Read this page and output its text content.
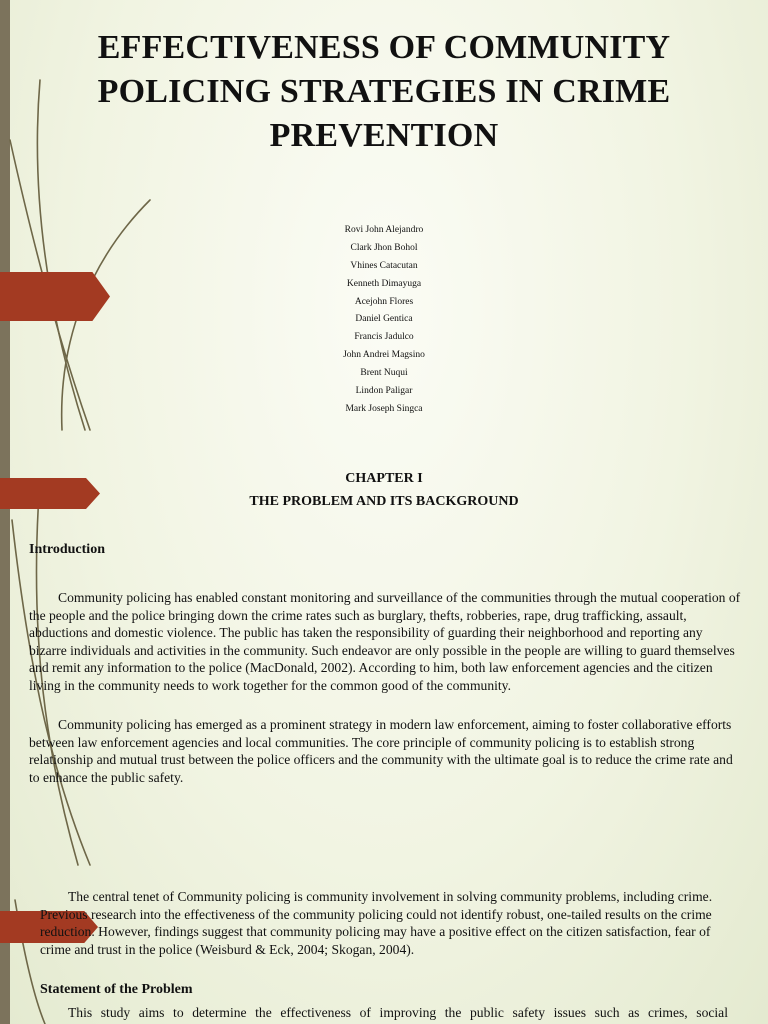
EFFECTIVENESS OF COMMUNITY POLICING STRATEGIES IN CRIME PREVENTION
Rovi John Alejandro
Clark Jhon Bohol
Vhines Catacutan
Kenneth Dimayuga
Acejohn Flores
Daniel Gentica
Francis Jadulco
John Andrei Magsino
Brent Nuqui
Lindon Paligar
Mark Joseph Singca
CHAPTER I
THE PROBLEM AND ITS BACKGROUND
Introduction

Community policing has enabled constant monitoring and surveillance of the communities through the mutual cooperation of the people and the police bringing down the crime rates such as burglary, thefts, robberies, rape, drug trafficking, assault, abductions and domestic violence. The public has taken the responsibility of guarding their neighborhood and reporting any bizarre individuals and activities in the community. Such endeavor are only possible in the people are willing to guard themselves and remit any information to the police (MacDonald, 2002). According to him, both law enforcement agencies and the citizen living in the community needs to work together for the common good of the community.

Community policing has emerged as a prominent strategy in modern law enforcement, aiming to foster collaborative efforts between law enforcement agencies and local communities. The core principle of community policing is to establish strong relationship and mutual trust between the police officers and the community with the ultimate goal is to reduce the crime rate and to enhance the public safety.

The central tenet of Community policing is community involvement in solving community problems, including crime. Previous research into the effectiveness of the community policing could not identify robust, one-tailed results on the crime reduction. However, findings suggest that community policing may have a positive effect on the citizen satisfaction, fear of crime and trust in the police (Weisburd & Eck, 2004; Skogan, 2004).

Statement of the Problem

This study aims to determine the effectiveness of improving the public safety issues such as crimes, social
